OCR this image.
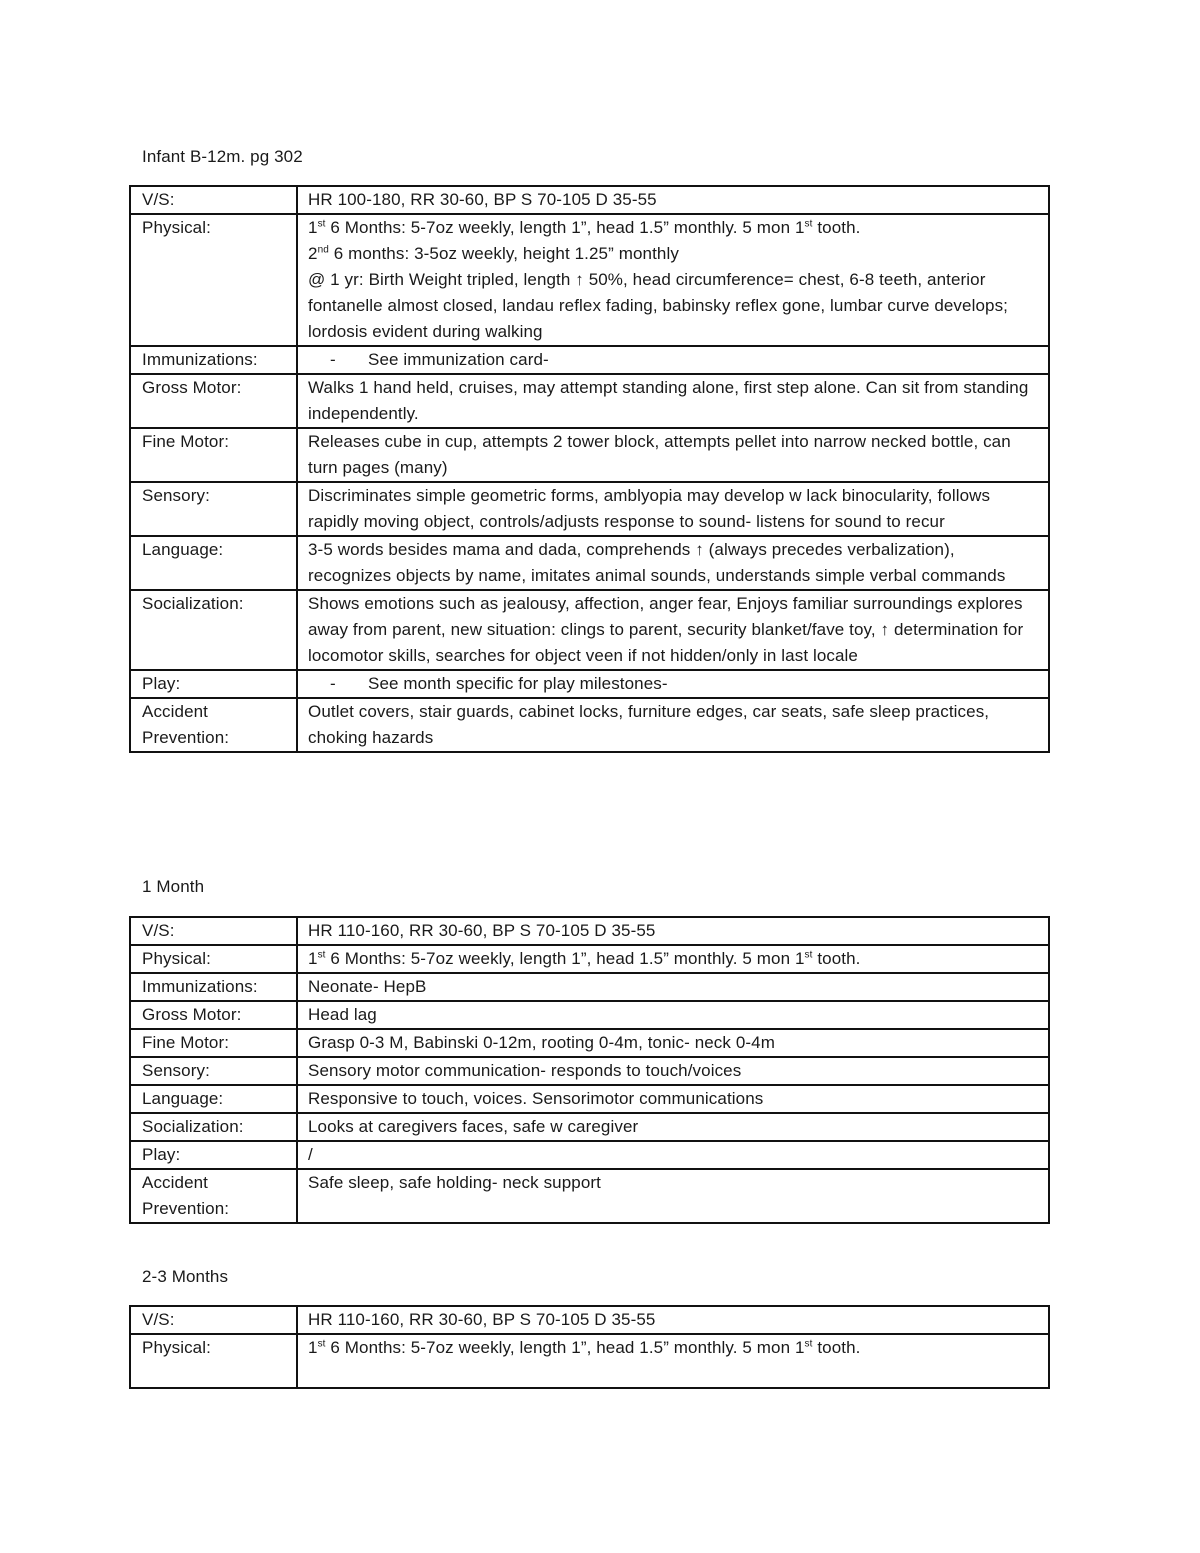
Infant B-12m. pg 302
V/S:	HR 100-180, RR 30-60, BP S 70-105 D 35-55
Physical:	1st 6 Months: 5-7oz weekly, length 1”, head 1.5” monthly. 5 mon 1st tooth.
2nd 6 months: 3-5oz weekly, height 1.25” monthly
@ 1 yr: Birth Weight tripled, length ↑ 50%, head circumference= chest, 6-8 teeth, anterior fontanelle almost closed, landau reflex fading, babinsky reflex gone, lumbar curve develops; lordosis evident during walking

Immunizations:	- See immunization card-
Gross Motor:	Walks 1 hand held, cruises, may attempt standing alone, first step alone. Can sit from standing independently.
Fine Motor:	Releases cube in cup, attempts 2 tower block, attempts pellet into narrow necked bottle, can turn pages (many)
Sensory:	Discriminates simple geometric forms, amblyopia may develop w lack binocularity, follows rapidly moving object, controls/adjusts response to sound- listens for sound to recur
Language:	3-5 words besides mama and dada, comprehends ↑ (always precedes verbalization), recognizes objects by name, imitates animal sounds, understands simple verbal commands
Socialization:	Shows emotions such as jealousy, affection, anger fear, Enjoys familiar surroundings explores away from parent, new situation: clings to parent, security blanket/fave toy, ↑ determination for locomotor skills, searches for object veen if not hidden/only in last locale
Play:	- See month specific for play milestones-
Accident Prevention:	Outlet covers, stair guards, cabinet locks, furniture edges, car seats, safe sleep practices, choking hazards
1 Month
V/S:	HR 110-160, RR 30-60, BP S 70-105 D 35-55
Physical:	1st 6 Months: 5-7oz weekly, length 1”, head 1.5” monthly. 5 mon 1st tooth.
Immunizations:	Neonate- HepB
Gross Motor:	Head lag
Fine Motor:	Grasp 0-3 M, Babinski 0-12m, rooting 0-4m, tonic- neck 0-4m
Sensory:	Sensory motor communication- responds to touch/voices
Language:	Responsive to touch, voices. Sensorimotor communications
Socialization:	Looks at caregivers faces, safe w caregiver
Play:	/
Accident Prevention:	Safe sleep, safe holding- neck support
2-3 Months
V/S:	HR 110-160, RR 30-60, BP S 70-105 D 35-55
Physical:	1st 6 Months: 5-7oz weekly, length 1”, head 1.5” monthly. 5 mon 1st tooth.
